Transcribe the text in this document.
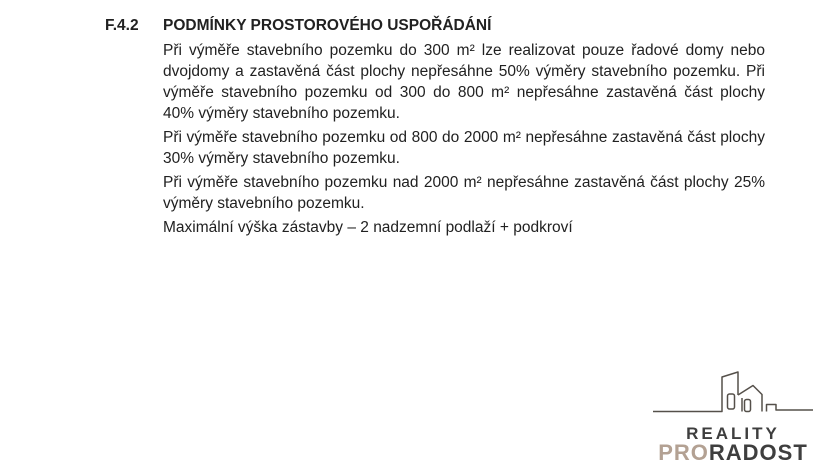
F.4.2	PODMÍNKY PROSTOROVÉHO USPOŘÁDÁNÍ

Při výměře stavebního pozemku do 300 m² lze realizovat pouze řadové domy nebo dvojdomy a zastavěná část plochy nepřesáhne 50% výměry stavebního pozemku. Při výměře stavebního pozemku od 300 do 800 m² nepřesáhne zastavěná část plochy 40% výměry stavebního pozemku.

Při výměře stavebního pozemku od 800 do 2000 m² nepřesáhne zastavěná část plochy 30% výměry stavebního pozemku.

Při výměře stavebního pozemku nad 2000 m² nepřesáhne zastavěná část plochy 25% výměry stavebního pozemku.

Maximální výška zástavby – 2 nadzemní podlaží + podkroví

REALITY
PRORADOST
